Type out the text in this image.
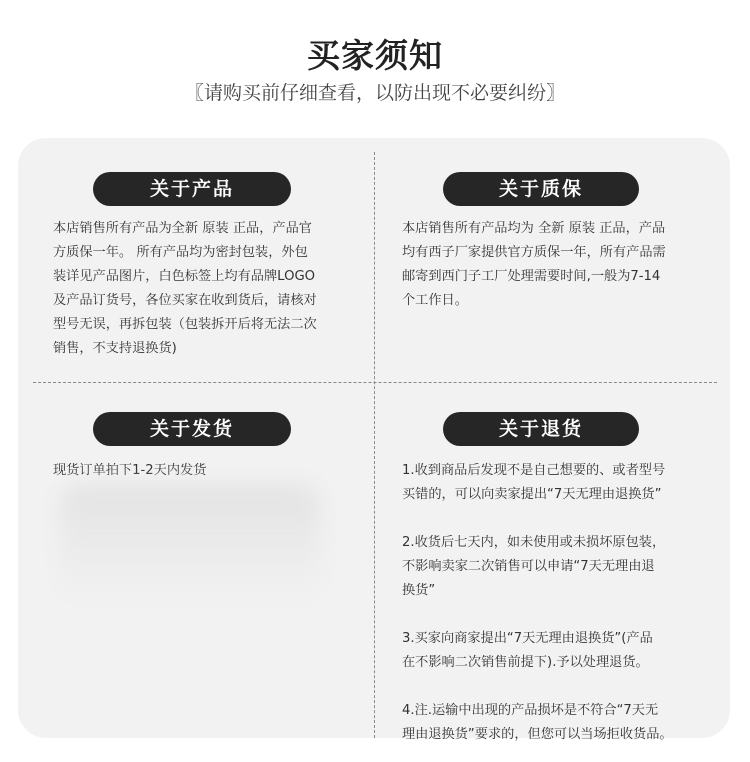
买家须知
〖请购买前仔细查看，以防出现不必要纠纷〗
关于产品

本店销售所有产品为全新 原装 正品，产品官

方质保一年。 所有产品均为密封包装，外包

装详见产品图片，白色标签上均有品牌LOGO

及产品订货号，各位买家在收到货后，请核对

型号无误，再拆包装（包装拆开后将无法二次

销售，不支持退换货)

关于质保

本店销售所有产品均为 全新 原装 正品，产品

均有西子厂家提供官方质保一年，所有产品需

邮寄到西门子工厂处理需要时间,一般为7-14

个工作日。

关于发货

现货订单拍下1-2天内发货

关于退货

1.收到商品后发现不是自己想要的、或者型号

买错的，可以向卖家提出“7天无理由退换货”

2.收货后七天内，如未使用或未损坏原包装，

不影响卖家二次销售可以申请“7天无理由退

换货”

3.买家向商家提出“7天无理由退换货”(产品

在不影响二次销售前提下).予以处理退货。

4.注.运输中出现的产品损坏是不符合“7天无

理由退换货”要求的，但您可以当场拒收货品。
